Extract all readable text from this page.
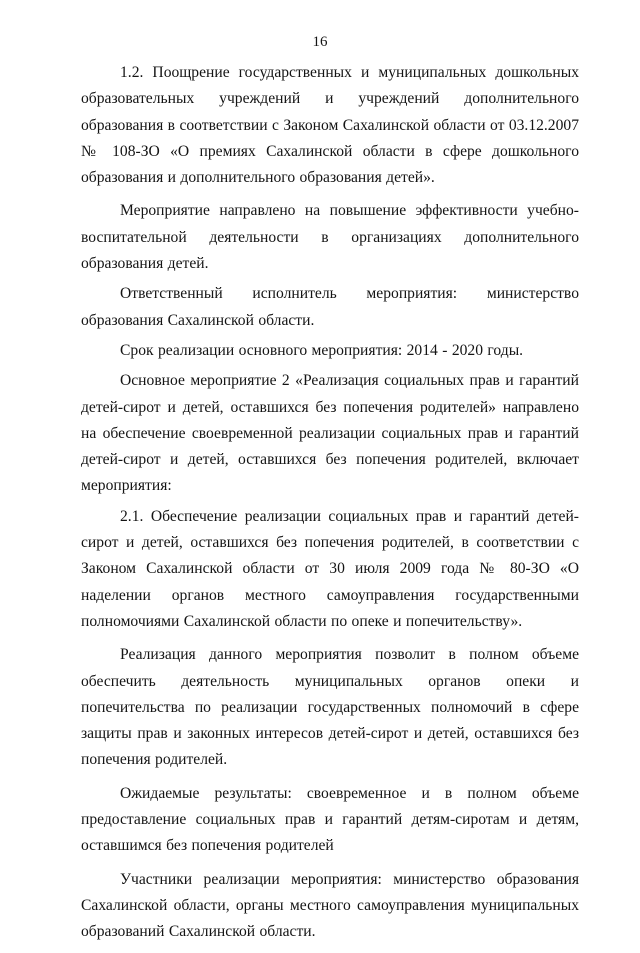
16

1.2. Поощрение государственных и муниципальных дошкольных образовательных учреждений и учреждений дополнительного образования в соответствии с Законом Сахалинской области от 03.12.2007 № 108-ЗО «О премиях Сахалинской области в сфере дошкольного образования и дополнительного образования детей».

Мероприятие направлено на повышение эффективности учебно-воспитательной деятельности в организациях дополнительного образования детей.

Ответственный исполнитель мероприятия: министерство образования Сахалинской области.

Срок реализации основного мероприятия: 2014 - 2020 годы.

Основное мероприятие 2 «Реализация социальных прав и гарантий детей-сирот и детей, оставшихся без попечения родителей» направлено на обеспечение своевременной реализации социальных прав и гарантий детей-сирот и детей, оставшихся без попечения родителей, включает мероприятия:

2.1. Обеспечение реализации социальных прав и гарантий детей-сирот и детей, оставшихся без попечения родителей, в соответствии с Законом Сахалинской области от 30 июля 2009 года № 80-ЗО «О наделении органов местного самоуправления государственными полномочиями Сахалинской области по опеке и попечительству».

Реализация данного мероприятия позволит в полном объеме обеспечить деятельность муниципальных органов опеки и попечительства по реализации государственных полномочий в сфере защиты прав и законных интересов детей-сирот и детей, оставшихся без попечения родителей.

Ожидаемые результаты: своевременное и в полном объеме предоставление социальных прав и гарантий детям-сиротам и детям, оставшимся без попечения родителей

Участники реализации мероприятия: министерство образования Сахалинской области, органы местного самоуправления муниципальных образований Сахалинской области.
